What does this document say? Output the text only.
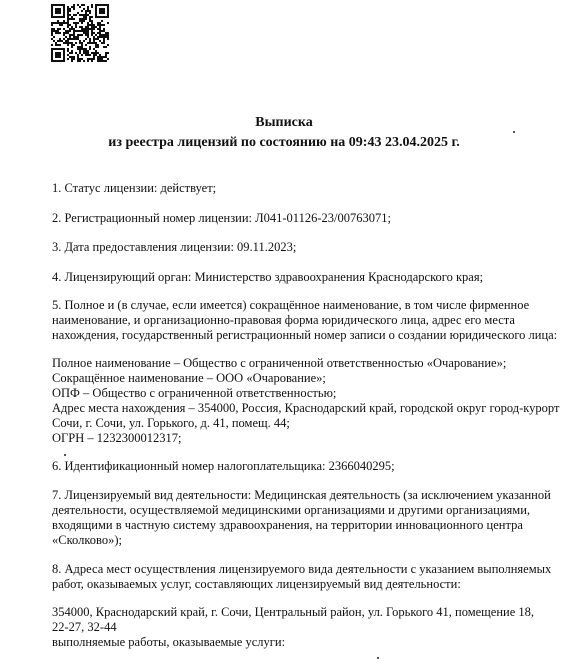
Выписка
из реестра лицензий по состоянию на 09:43 23.04.2025 г.
1. Статус лицензии: действует;
2. Регистрационный номер лицензии: Л041-01126-23/00763071;
3. Дата предоставления лицензии: 09.11.2023;
4. Лицензирующий орган: Министерство здравоохранения Краснодарского края;
5. Полное и (в случае, если имеется) сокращённое наименование, в том числе фирменное
наименование, и организационно-правовая форма юридического лица, адрес его места
нахождения, государственный регистрационный номер записи о создании юридического лица:
Полное наименование – Общество с ограниченной ответственностью «Очарование»;
Сокращённое наименование – ООО «Очарование»;
ОПФ – Общество с ограниченной ответственностью;
Адрес места нахождения – 354000, Россия, Краснодарский край, городской округ город-курорт
Сочи, г. Сочи, ул. Горького, д. 41, помещ. 44;
ОГРН – 1232300012317;
6. Идентификационный номер налогоплательщика: 2366040295;
7. Лицензируемый вид деятельности: Медицинская деятельность (за исключением указанной
деятельности, осуществляемой медицинскими организациями и другими организациями,
входящими в частную систему здравоохранения, на территории инновационного центра
«Сколково»);
8. Адреса мест осуществления лицензируемого вида деятельности с указанием выполняемых
работ, оказываемых услуг, составляющих лицензируемый вид деятельности:
354000, Краснодарский край, г. Сочи, Центральный район, ул. Горького 41, помещение 18,
22-27, 32-44
выполняемые работы, оказываемые услуги:
